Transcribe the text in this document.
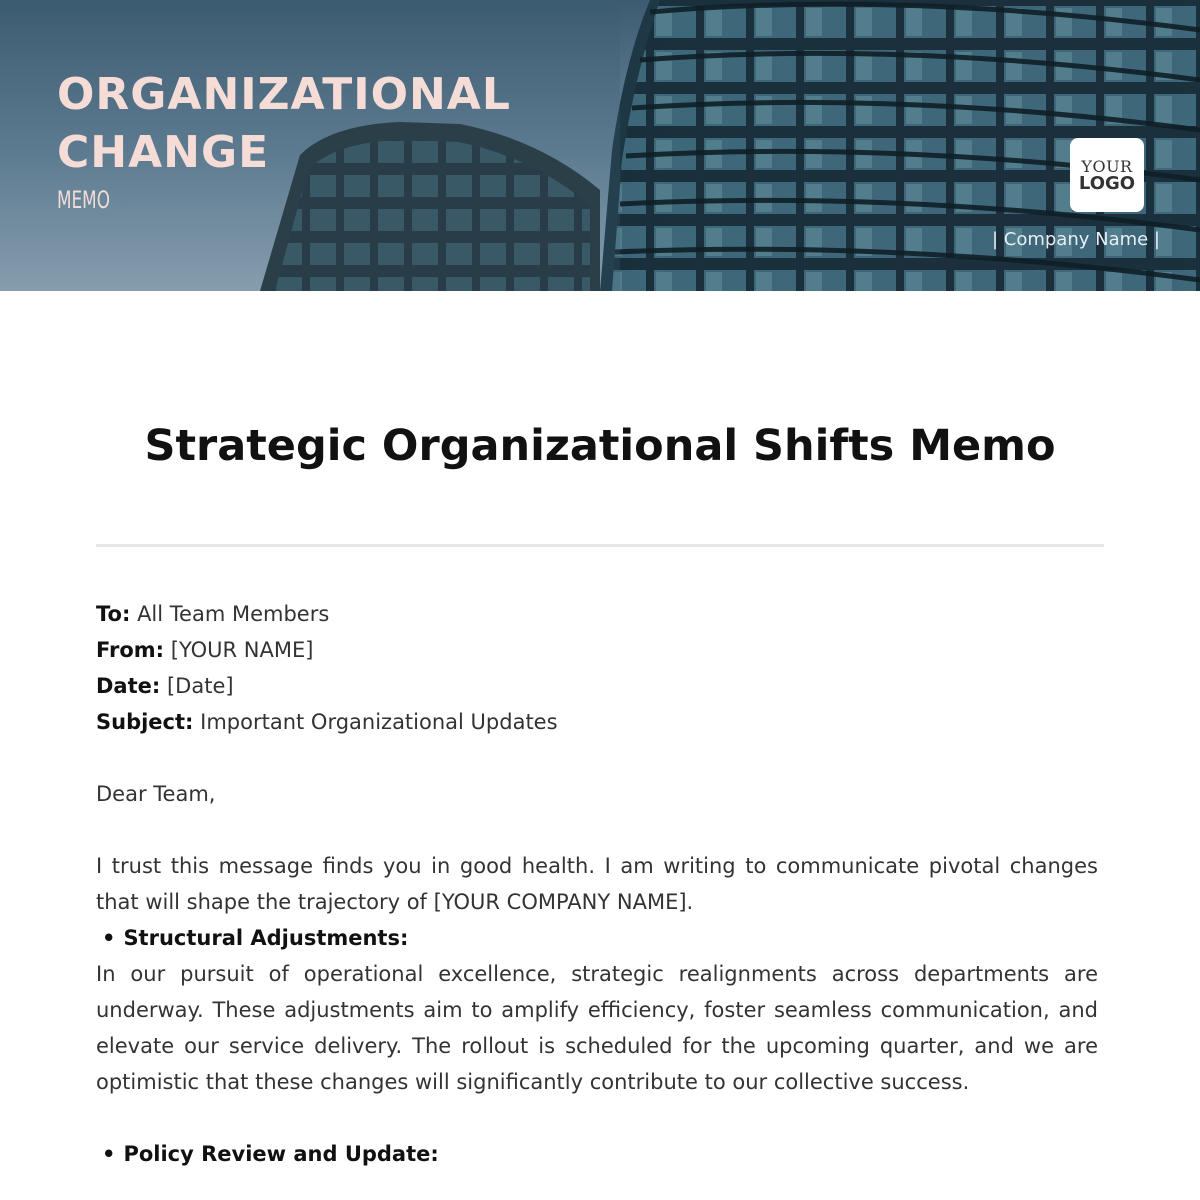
ORGANIZATIONAL
CHANGE
MEMO
YOUR
LOGO
| Company Name |
Strategic Organizational Shifts Memo

To: All Team Members

From: [YOUR NAME]

Date: [Date]

Subject: Important Organizational Updates

Dear Team,

I trust this message finds you in good health. I am writing to communicate pivotal changes that will shape the trajectory of [YOUR COMPANY NAME].

• Structural Adjustments:

In our pursuit of operational excellence, strategic realignments across departments are underway. These adjustments aim to amplify efficiency, foster seamless communication, and elevate our service delivery. The rollout is scheduled for the upcoming quarter, and we are optimistic that these changes will significantly contribute to our collective success.

• Policy Review and Update:
